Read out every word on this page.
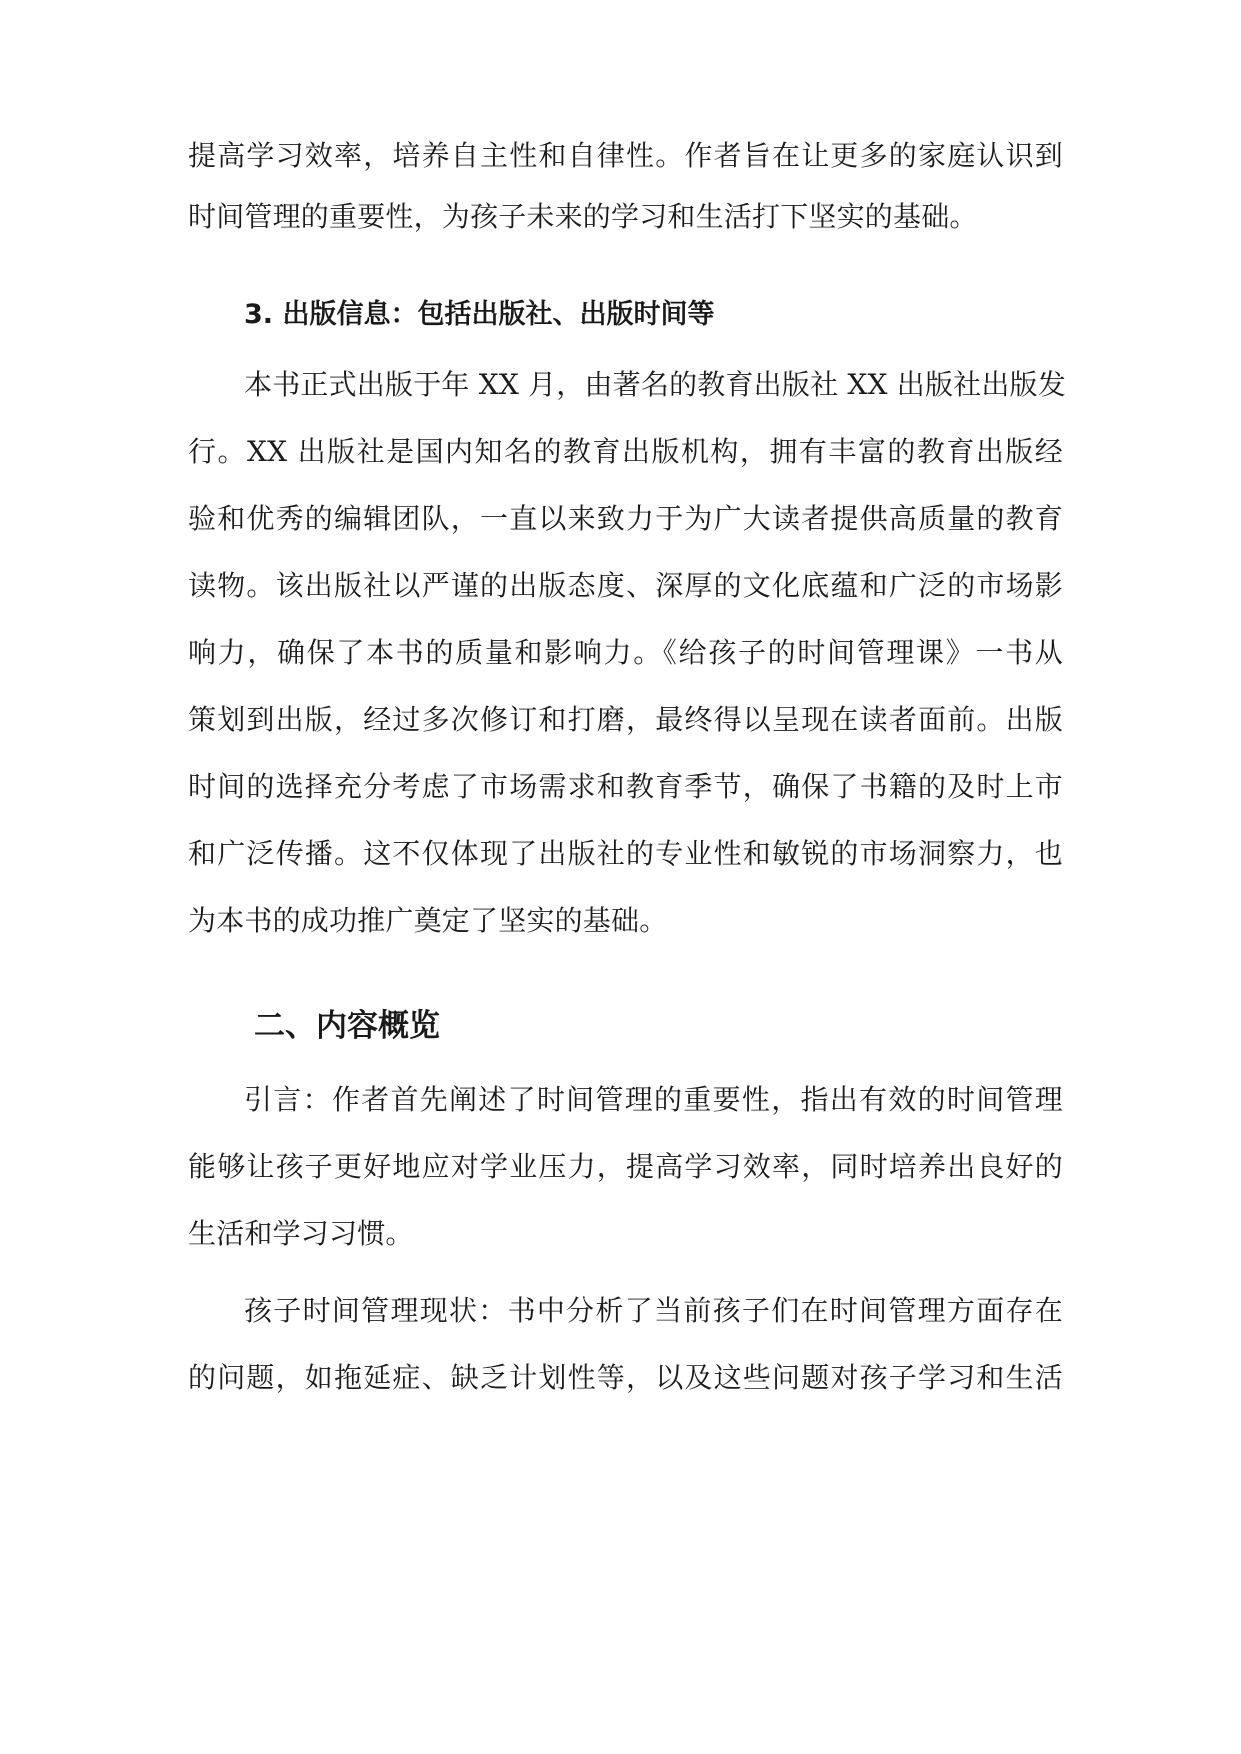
提高学习效率，培养自主性和自律性。作者旨在让更多的家庭认识到
时间管理的重要性，为孩子未来的学习和生活打下坚实的基础。
3. 出版信息：包括出版社、出版时间等
本书正式出版于年 XX 月，由著名的教育出版社 XX 出版社出版发
行。XX 出版社是国内知名的教育出版机构，拥有丰富的教育出版经
验和优秀的编辑团队，一直以来致力于为广大读者提供高质量的教育
读物。该出版社以严谨的出版态度、深厚的文化底蕴和广泛的市场影
响力，确保了本书的质量和影响力。《给孩子的时间管理课》一书从
策划到出版，经过多次修订和打磨，最终得以呈现在读者面前。出版
时间的选择充分考虑了市场需求和教育季节，确保了书籍的及时上市
和广泛传播。这不仅体现了出版社的专业性和敏锐的市场洞察力，也
为本书的成功推广奠定了坚实的基础。
二、内容概览
引言：作者首先阐述了时间管理的重要性，指出有效的时间管理
能够让孩子更好地应对学业压力，提高学习效率，同时培养出良好的
生活和学习习惯。
孩子时间管理现状：书中分析了当前孩子们在时间管理方面存在
的问题，如拖延症、缺乏计划性等，以及这些问题对孩子学习和生活
